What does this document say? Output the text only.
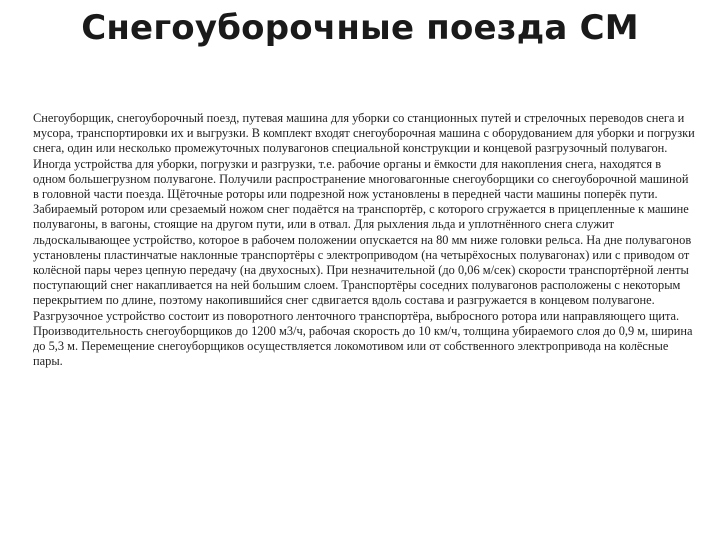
Снегоуборочные поезда СМ

Снегоуборщик, снегоуборочный поезд, путевая машина для уборки со станционных путей и стрелочных переводов снега и мусора, транспортировки их и выгрузки. В комплект входят снегоуборочная машина с оборудованием для уборки и погрузки снега, один или несколько промежуточных полувагонов специальной конструкции и концевой разгрузочный полувагон. Иногда устройства для уборки, погрузки и разгрузки, т.е. рабочие органы и ёмкости для накопления снега, находятся в одном большегрузном полувагоне. Получили распространение многовагонные снегоуборщики со снегоуборочной машиной в головной части поезда. Щёточные роторы или подрезной нож установлены в передней части машины поперёк пути. Забираемый ротором или срезаемый ножом снег подаётся на транспортёр, с которого сгружается в прицепленные к машине полувагоны, в вагоны, стоящие на другом пути, или в отвал. Для рыхления льда и уплотнённого снега служит льдоскалывающее устройство, которое в рабочем положении опускается на 80 мм ниже головки рельса. На дне полувагонов установлены пластинчатые наклонные транспортёры с электроприводом (на четырёхосных полувагонах) или с приводом от колёсной пары через цепную передачу (на двухосных). При незначительной (до 0,06 м/сек) скорости транспортёрной ленты поступающий снег накапливается на ней большим слоем. Транспортёры соседних полувагонов расположены с некоторым перекрытием по длине, поэтому накопившийся снег сдвигается вдоль состава и разгружается в концевом полувагоне. Разгрузочное устройство состоит из поворотного ленточного транспортёра, выбросного ротора или направляющего щита.

Производительность снегоуборщиков до 1200 м3/ч, рабочая скорость до 10 км/ч, толщина убираемого слоя до 0,9 м, ширина до 5,3 м. Перемещение снегоуборщиков осуществляется локомотивом или от собственного электропривода на колёсные пары.
